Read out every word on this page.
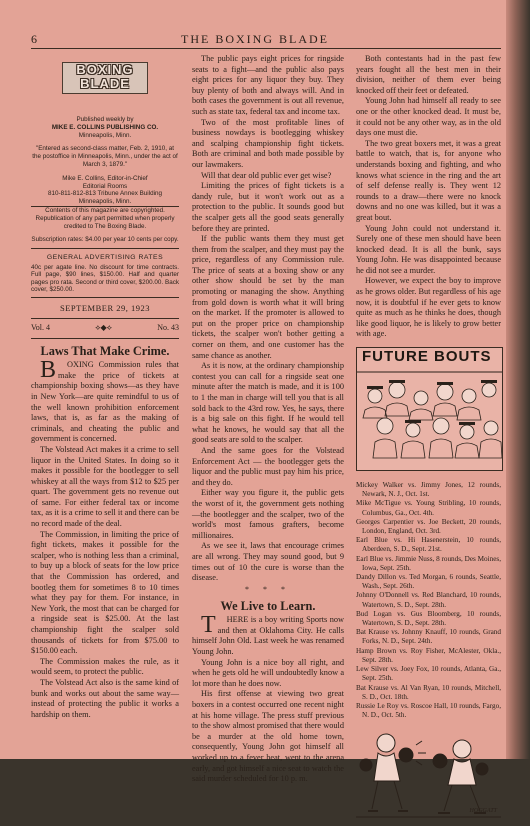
6	THE BOXING BLADE
BOXING
BLADE
Published weekly by
MIKE E. COLLINS PUBLISHING CO.
Minneapolis, Minn.
"Entered as second-class matter, Feb. 2, 1910, at the postoffice in Minneapolis, Minn., under the act of March 3, 1879."
Mike E. Collins, Editor-in-Chief
Editorial Rooms
810-811-812-813 Tribune Annex Building
Minneapolis, Minn.
Contents of this magazine are copyrighted. Republication of any part permitted when properly credited to The Boxing Blade.
Subscription rates: $4.00 per year 10 cents per copy.
GENERAL ADVERTISING RATES
40c per agate line. No discount for time contracts. Full page, $90 lines, $150.00. Half and quarter pages pro rata. Second or third cover, $200.00. Back cover, $250.00.
SEPTEMBER 29, 1923
Vol. 4	⟡◆⟡	No. 43
Laws That Make Crime.

BOXING Commission rules that make the price of tickets at championship boxing shows—as they have in New York—are quite remindful to us of the well known prohibition enforcement laws, that is, as far as the making of criminals, and cheating the public and government is concerned.

The Volstead Act makes it a crime to sell liquor in the United States. In doing so it makes it possible for the bootlegger to sell whiskey at all the ways from $12 to $25 per quart. The government gets no revenue out of same. For either federal tax or income tax, as it is a crime to sell it and there can be no record made of the deal.

The Commission, in limiting the price of fight tickets, makes it possible for the scalper, who is nothing less than a criminal, to buy up a block of seats for the low price that the Commission has ordered, and bootleg them for sometimes 8 to 10 times what they pay for them. For instance, in New York, the most that can be charged for a ringside seat is $25.00. At the last championship fight the scalper sold thousands of tickets for from $75.00 to $150.00 each.

The Commission makes the rule, as it would seem, to protect the public.

The Volstead Act also is the same kind of bunk and works out about the same way—instead of protecting the public it works a hardship on them.

The public pays eight prices for ringside seats to a fight—and the public also pays eight prices for any liquor they buy. They buy plenty of both and always will. And in both cases the government is out all revenue, such as state tax, federal tax and income tax.

Two of the most profitable lines of business nowdays is bootlegging whiskey and scalping championship fight tickets. Both are criminal and both made possible by our lawmakers.

Will that dear old public ever get wise?

Limiting the prices of fight tickets is a dandy rule, but it won't work out as a protection to the public. It sounds good but the scalper gets all the good seats generally before they are printed.

If the public wants them they must get them from the scalper, and they must pay the price, regardless of any Commission rule. The price of seats at a boxing show or any other show should be set by the man promoting or managing the show. Anything from gold down is worth what it will bring on the market. If the promoter is allowed to put on the proper price on championship tickets, the scalper won't bother getting a corner on them, and one customer has the same chance as another.

As it is now, at the ordinary championship contest you can call for a ringside seat one minute after the match is made, and it is 100 to 1 the man in charge will tell you that is all sold back to the 43rd row. Yes, he says, there is a big sale on this fight. If he would tell what he knows, he would say that all the good seats are sold to the scalper.

And the same goes for the Volstead Enforcement Act — the bootlegger gets the liquor and the public must pay him his price, and they do.

Either way you figure it, the public gets the worst of it, the government gets nothing—the bootlegger and the scalper, two of the world's most famous grafters, become millionaires.

As we see it, laws that encourage crimes are all wrong. They may sound good, but 9 times out of 10 the cure is worse than the disease.

* * *
We Live to Learn.

THERE is a boy writing Sports now and then at Oklahoma City. He calls himself John Old. Last week he was renamed Young John.

Young John is a nice boy all right, and when he gets old he will undoubtedly know a lot more than he does now.

His first offense at viewing two great boxers in a contest occurred one recent night at his home village. The press stuff previous to the show almost promised that there would be a murder at the old home town, consequently, Young John got himself all worked up to a fever heat, went to the arena early, and got himself a nice seat to watch the said murder scheduled for 10 p. m.

Both contestants had in the past few years fought all the best men in their division, neither of them ever being knocked off their feet or defeated.

Young John had himself all ready to see one or the other knocked dead. It must be, it could not be any other way, as in the old days one must die.

The two great boxers met, it was a great battle to watch, that is, for anyone who understands boxing and fighting, and who knows what science in the ring and the art of self defense really is. They went 12 rounds to a draw—there were no knock downs and no one was killed, but it was a great bout.

Young John could not understand it. Surely one of these men should have been knocked dead. It is all the bunk, says Young John. He was disappointed because he did not see a murder.

However, we expect the boy to improve as he grows older. But regardless of his age now, it is doubtful if he ever gets to know quite as much as he thinks he does, though like good liquor, he is likely to grow better with age.

FUTURE BOUTS
Mickey Walker vs. Jimmy Jones, 12 rounds, Newark, N. J., Oct. 1st.
Mike McTigue vs. Young Stribling, 10 rounds, Columbus, Ga., Oct. 4th.
Georges Carpentier vs. Joe Beckett, 20 rounds, London, England, Oct. 3rd.
Earl Blue vs. Hi Hasenerstein, 10 rounds, Aberdeen, S. D., Sept. 21st.
Earl Blue vs. Jimmie Nuss, 8 rounds, Des Moines, Iowa, Sept. 25th.
Dandy Dillon vs. Ted Morgan, 6 rounds, Seattle, Wash., Sept. 26th.
Johnny O'Donnell vs. Red Blanchard, 10 rounds, Watertown, S. D., Sept. 28th.
Bud Logan vs. Gus Bloomberg, 10 rounds, Watertown, S. D., Sept. 28th.
Bat Krause vs. Johnny Knauff, 10 rounds, Grand Forks, N. D., Sept. 24th.
Hamp Brown vs. Roy Fisher, McAlester, Okla., Sept. 28th.
Lew Silver vs. Joey Fox, 10 rounds, Atlanta, Ga., Sept. 25th.
Bat Krause vs. Al Van Ryan, 10 rounds, Mitchell, S. D., Oct. 18th.
Russie Le Roy vs. Roscoe Hall, 10 rounds, Fargo, N. D., Oct. 5th.
HOGGATT
